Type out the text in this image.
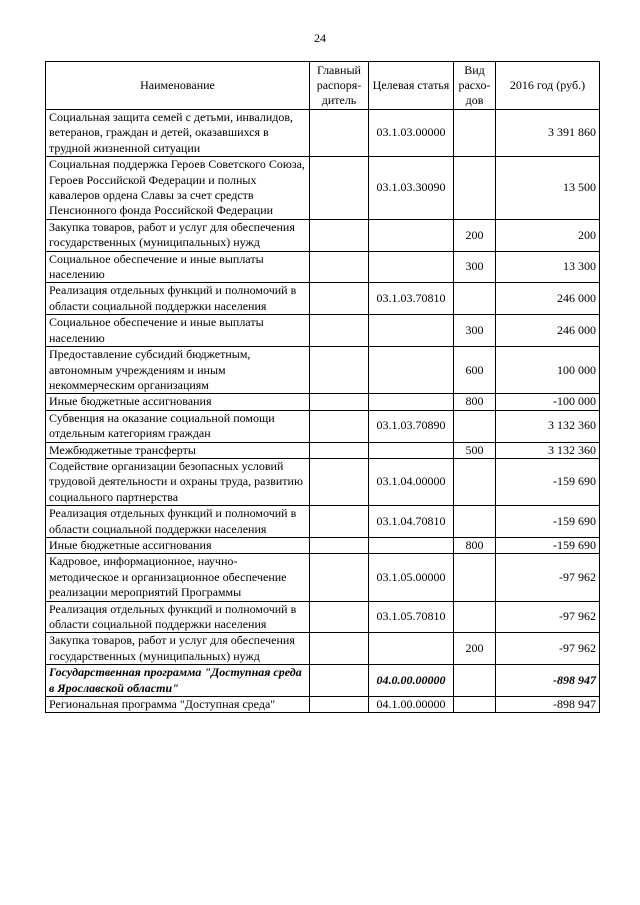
24
Наименование	Главный распоря-дитель	Целевая статья	Вид расхо-дов	2016 год (руб.)
Социальная защита семей с детьми, инвалидов, ветеранов, граждан и детей, оказавшихся в трудной жизненной ситуации		03.1.03.00000		3 391 860
Социальная поддержка Героев Советского Союза, Героев Российской Федерации и полных кавалеров ордена Славы за счет средств Пенсионного фонда Российской Федерации		03.1.03.30090		13 500
Закупка товаров, работ и услуг для обеспечения государственных (муниципальных) нужд			200	200
Социальное обеспечение и иные выплаты населению			300	13 300
Реализация отдельных функций и полномочий в области социальной поддержки населения		03.1.03.70810		246 000
Социальное обеспечение и иные выплаты населению			300	246 000
Предоставление субсидий бюджетным, автономным учреждениям и иным некоммерческим организациям			600	100 000
Иные бюджетные ассигнования			800	-100 000
Субвенция на оказание социальной помощи отдельным категориям граждан		03.1.03.70890		3 132 360
Межбюджетные трансферты			500	3 132 360
Содействие организации безопасных условий трудовой деятельности и охраны труда, развитию социального партнерства		03.1.04.00000		-159 690
Реализация отдельных функций и полномочий в области социальной поддержки населения		03.1.04.70810		-159 690
Иные бюджетные ассигнования			800	-159 690
Кадровое, информационное, научно-методическое и организационное обеспечение реализации мероприятий Программы		03.1.05.00000		-97 962
Реализация отдельных функций и полномочий в области социальной поддержки населения		03.1.05.70810		-97 962
Закупка товаров, работ и услуг для обеспечения государственных (муниципальных) нужд			200	-97 962
Государственная программа "Доступная среда в Ярославской области"		04.0.00.00000		-898 947
Региональная программа "Доступная среда"		04.1.00.00000		-898 947
